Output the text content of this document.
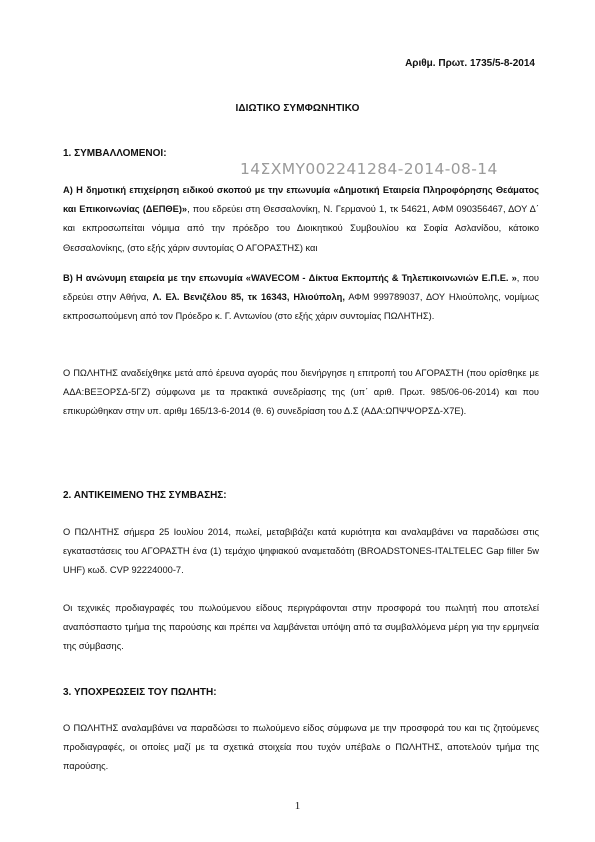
Αριθμ. Πρωτ. 1735/5-8-2014
ΙΔΙΩΤΙΚΟ ΣΥΜΦΩΝΗΤΙΚΟ
1. ΣΥΜΒΑΛΛΟΜΕΝΟΙ:

Α) Η δημοτική επιχείρηση ειδικού σκοπού με την επωνυμία «Δημοτική Εταιρεία Πληροφόρησης Θεάματος και Επικοινωνίας (ΔΕΠΘΕ)», που εδρεύει στη Θεσσαλονίκη, Ν. Γερμανού 1, τκ 54621, ΑΦΜ 090356467, ΔΟΥ Δ΄ και εκπροσωπείται νόμιμα από την πρόεδρο του Διοικητικού Συμβουλίου κα Σοφία Ασλανίδου, κάτοικο Θεσσαλονίκης, (στο εξής χάριν συντομίας Ο ΑΓΟΡΑΣΤΗΣ) και

Β) Η ανώνυμη εταιρεία με την επωνυμία «WAVECOM - Δίκτυα Εκπομπής & Τηλεπικοινωνιών Ε.Π.Ε. », που εδρεύει στην Αθήνα, Λ. Ελ. Βενιζέλου 85, τκ 16343, Ηλιούπολη, ΑΦΜ 999789037, ΔΟΥ Ηλιούπολης, νομίμως εκπροσωπούμενη από τον Πρόεδρο κ. Γ. Αντωνίου (στο εξής χάριν συντομίας ΠΩΛΗΤΗΣ).

Ο ΠΩΛΗΤΗΣ αναδείχθηκε μετά από έρευνα αγοράς που διενήργησε η επιτροπή του ΑΓΟΡΑΣΤΗ (που ορίσθηκε με ΑΔΑ:ΒΕΞΟΡΣΔ-5ΓΖ) σύμφωνα με τα πρακτικά συνεδρίασης της (υπ΄ αριθ. Πρωτ. 985/06-06-2014) και που επικυρώθηκαν στην υπ. αριθμ 165/13-6-2014 (θ. 6) συνεδρίαση του Δ.Σ (ΑΔΑ:ΩΠΨΨΟΡΣΔ-Χ7Ε).

2. ΑΝΤΙΚΕΙΜΕΝΟ ΤΗΣ ΣΥΜΒΑΣΗΣ:

Ο ΠΩΛΗΤΗΣ σήμερα 25 Ιουλίου 2014, πωλεί, μεταβιβάζει κατά κυριότητα και αναλαμβάνει να παραδώσει στις εγκαταστάσεις του ΑΓΟΡΑΣΤΗ ένα (1) τεμάχιο ψηφιακού αναμεταδότη (BROADSTONES-ITALTELEC Gap filler 5w UHF) κωδ. CVP 92224000-7.

Οι τεχνικές προδιαγραφές του πωλούμενου είδους περιγράφονται στην προσφορά του πωλητή που αποτελεί αναπόσπαστο τμήμα της παρούσης και πρέπει να λαμβάνεται υπόψη από τα συμβαλλόμενα μέρη για την ερμηνεία της σύμβασης.

3. ΥΠΟΧΡΕΩΣΕΙΣ ΤΟΥ ΠΩΛΗΤΗ:

Ο ΠΩΛΗΤΗΣ αναλαμβάνει να παραδώσει το πωλούμενο είδος σύμφωνα με την προσφορά του και τις ζητούμενες προδιαγραφές, οι οποίες μαζί με τα σχετικά στοιχεία που τυχόν υπέβαλε ο ΠΩΛΗΤΗΣ, αποτελούν τμήμα της παρούσης.

14ΣΧΜΥ002241284-2014-08-14
1
